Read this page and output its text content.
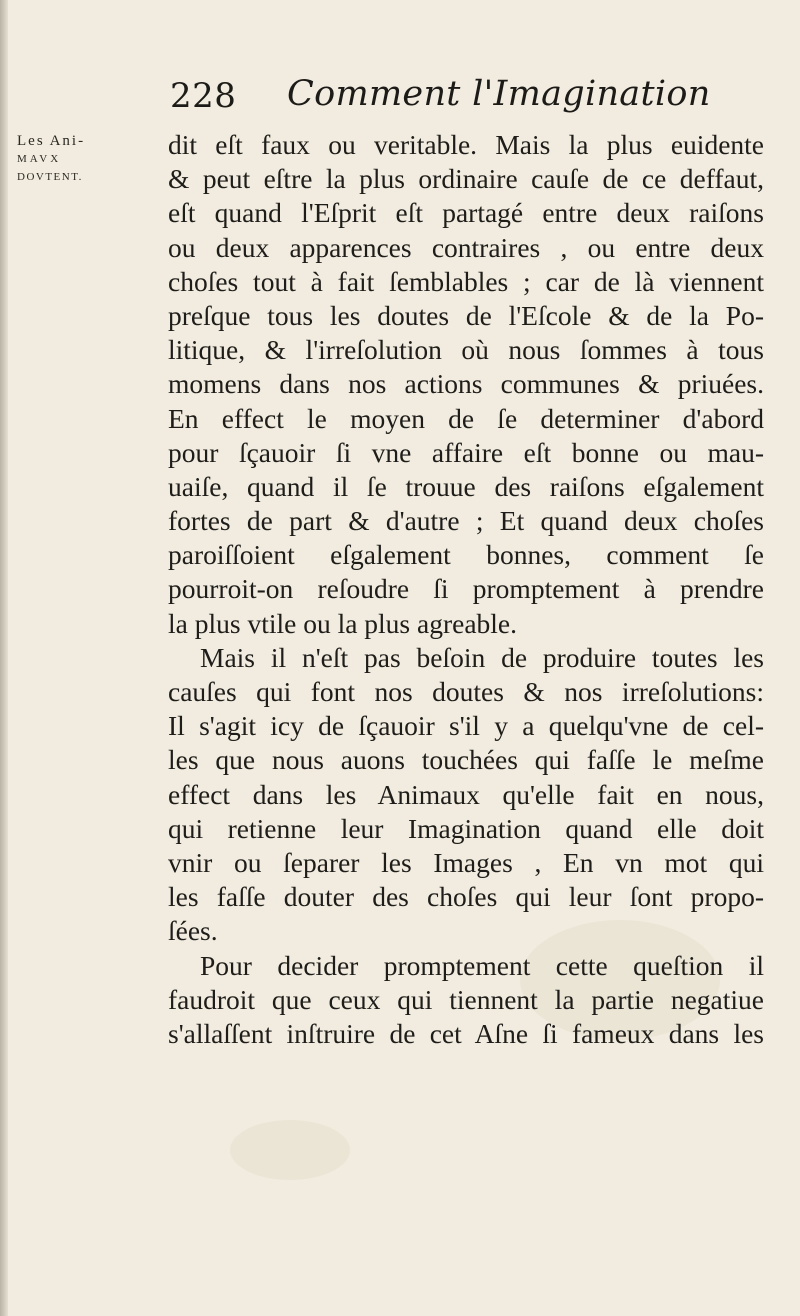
228 Comment l'Imagination
Les Ani-
MAVX
DOVTENT.
dit eſt faux ou veritable. Mais la plus euidente
& peut eſtre la plus ordinaire cauſe de ce deffaut,
eſt quand l'Eſprit eſt partagé entre deux raiſons
ou deux apparences contraires , ou entre deux
choſes tout à fait ſemblables ; car de là viennent
preſque tous les doutes de l'Eſcole & de la Po-
litique, & l'irreſolution où nous ſommes à tous
momens dans nos actions communes & priuées.
En effect le moyen de ſe determiner d'abord
pour ſçauoir ſi vne affaire eſt bonne ou mau-
uaiſe, quand il ſe trouue des raiſons eſgalement
fortes de part & d'autre ; Et quand deux choſes
paroiſſoient eſgalement bonnes, comment ſe
pourroit-on reſoudre ſi promptement à prendre
la plus vtile ou la plus agreable.
Mais il n'eſt pas beſoin de produire toutes les
cauſes qui font nos doutes & nos irreſolutions:
Il s'agit icy de ſçauoir s'il y a quelqu'vne de cel-
les que nous auons touchées qui faſſe le meſme
effect dans les Animaux qu'elle fait en nous,
qui retienne leur Imagination quand elle doit
vnir ou ſeparer les Images , En vn mot qui
les faſſe douter des choſes qui leur ſont propo-
ſées.
Pour decider promptement cette queſtion il
faudroit que ceux qui tiennent la partie negatiue
s'allaſſent inſtruire de cet Aſne ſi fameux dans les
